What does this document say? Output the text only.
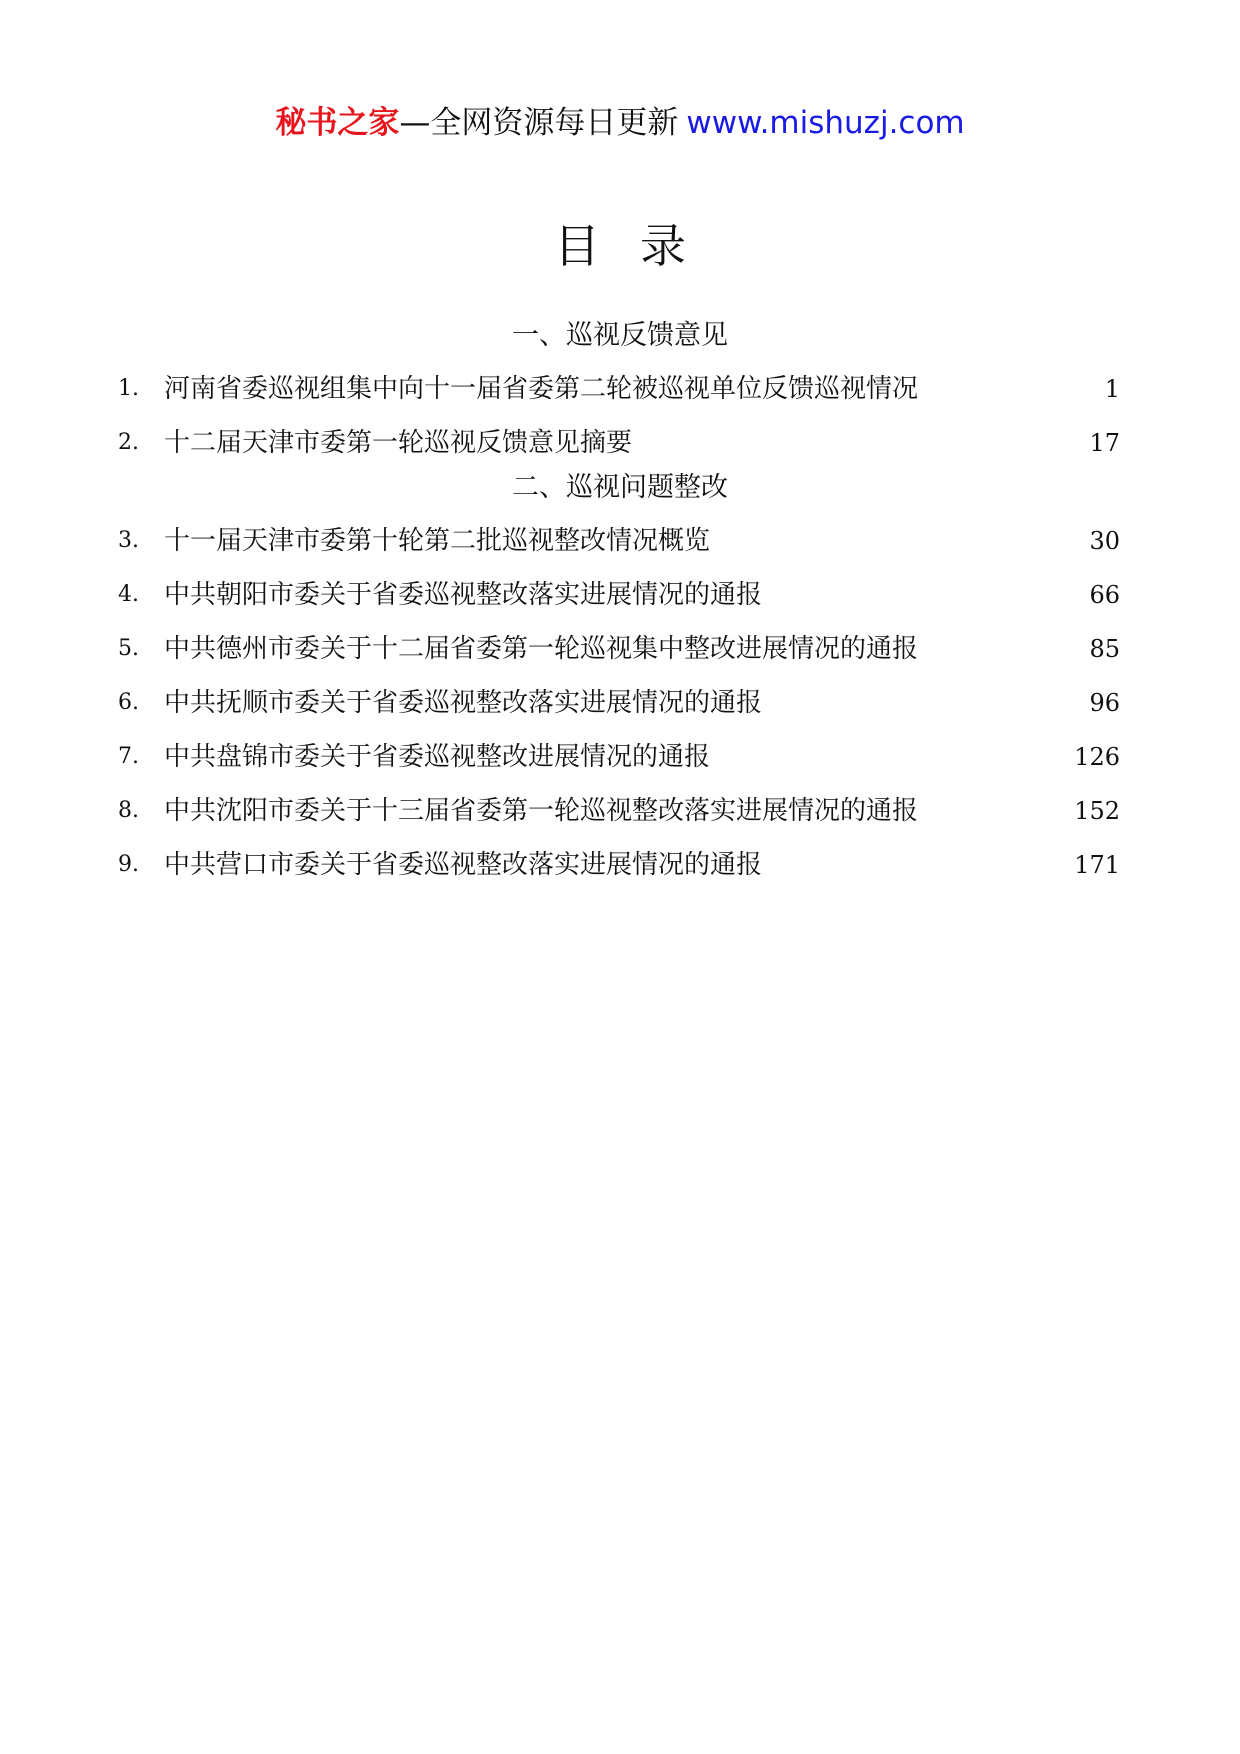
秘书之家—全网资源每日更新 www.mishuzj.com
目录
一、巡视反馈意见
1. 河南省委巡视组集中向十一届省委第二轮被巡视单位反馈巡视情况	1
2. 十二届天津市委第一轮巡视反馈意见摘要	17
二、巡视问题整改
3. 十一届天津市委第十轮第二批巡视整改情况概览	30
4. 中共朝阳市委关于省委巡视整改落实进展情况的通报	66
5. 中共德州市委关于十二届省委第一轮巡视集中整改进展情况的通报	85
6. 中共抚顺市委关于省委巡视整改落实进展情况的通报	96
7. 中共盘锦市委关于省委巡视整改进展情况的通报	126
8. 中共沈阳市委关于十三届省委第一轮巡视整改落实进展情况的通报	152
9. 中共营口市委关于省委巡视整改落实进展情况的通报	171
